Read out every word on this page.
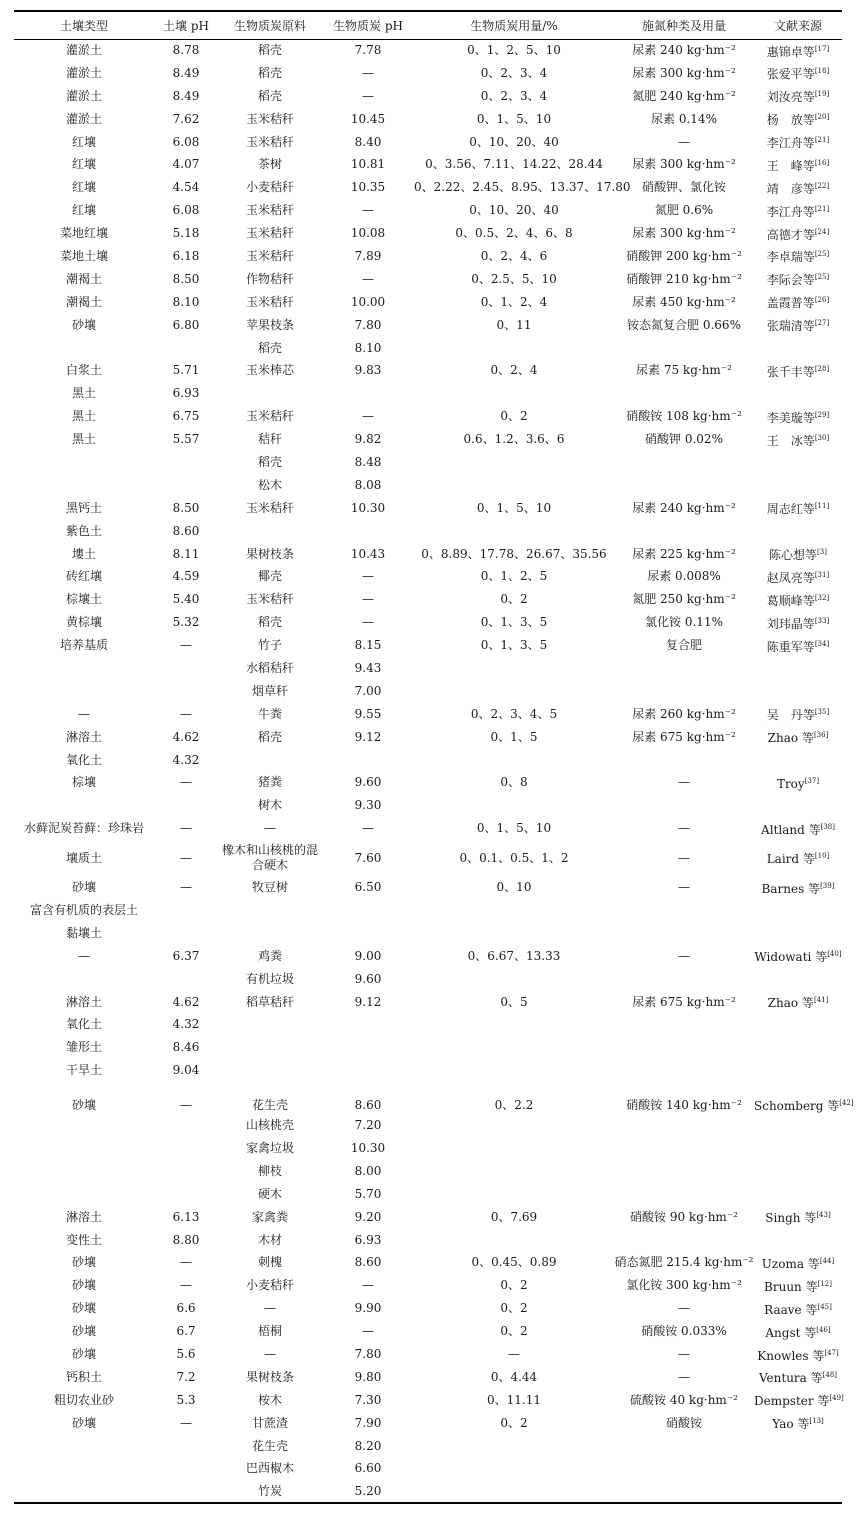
土壤类型	土壤 pH	生物质炭原料	生物质炭 pH	生物质炭用量/%	施氮种类及用量	文献来源
灌淤土	8.78	稻壳	7.78	0、1、2、5、10	尿素 240 kg·hm⁻²	惠锦卓等[17]
灌淤土	8.49	稻壳	—	0、2、3、4	尿素 300 kg·hm⁻²	张爱平等[18]
灌淤土	8.49	稻壳	—	0、2、3、4	氮肥 240 kg·hm⁻²	刘汝亮等[19]
灌淤土	7.62	玉米秸秆	10.45	0、1、5、10	尿素 0.14%	杨　放等[20]
红壤	6.08	玉米秸秆	8.40	0、10、20、40	—	李江舟等[21]
红壤	4.07	茶树	10.81	0、3.56、7.11、14.22、28.44	尿素 300 kg·hm⁻²	王　峰等[16]
红壤	4.54	小麦秸秆	10.35	0、2.22、2.45、8.95、13.37、17.80	硝酸钾、氯化铵	靖　彦等[22]
红壤	6.08	玉米秸秆	—	0、10、20、40	氮肥 0.6%	李江舟等[21]
菜地红壤	5.18	玉米秸秆	10.08	0、0.5、2、4、6、8	尿素 300 kg·hm⁻²	高德才等[24]
菜地土壤	6.18	玉米秸秆	7.89	0、2、4、6	硝酸钾 200 kg·hm⁻²	李卓瑞等[25]
潮褐土	8.50	作物秸秆	—	0、2.5、5、10	硝酸钾 210 kg·hm⁻²	李际会等[25]
潮褐土	8.10	玉米秸秆	10.00	0、1、2、4	尿素 450 kg·hm⁻²	盖霞普等[26]
砂壤	6.80	苹果枝条	7.80	0、11	铵态氮复合肥 0.66%	张瑞清等[27]
		稻壳	8.10			
白浆土	5.71	玉米棒芯	9.83	0、2、4	尿素 75 kg·hm⁻²	张千丰等[28]
黑土	6.93					
黑土	6.75	玉米秸秆	—	0、2	硝酸铵 108 kg·hm⁻²	李美璇等[29]
黑土	5.57	秸秆	9.82	0.6、1.2、3.6、6	硝酸钾 0.02%	王　冰等[30]
		稻壳	8.48			
		松木	8.08			
黑钙土	8.50	玉米秸秆	10.30	0、1、5、10	尿素 240 kg·hm⁻²	周志红等[11]
紫色土	8.60					
塿土	8.11	果树枝条	10.43	0、8.89、17.78、26.67、35.56	尿素 225 kg·hm⁻²	陈心想等[3]
砖红壤	4.59	椰壳	—	0、1、2、5	尿素 0.008%	赵凤亮等[31]
棕壤土	5.40	玉米秸秆	—	0、2	氮肥 250 kg·hm⁻²	葛顺峰等[32]
黄棕壤	5.32	稻壳	—	0、1、3、5	氯化铵 0.11%	刘玮晶等[33]
培养基质	—	竹子	8.15	0、1、3、5	复合肥	陈重军等[34]
		水稻秸秆	9.43			
		烟草秆	7.00			
—	—	牛粪	9.55	0、2、3、4、5	尿素 260 kg·hm⁻²	吴　丹等[35]
淋溶土	4.62	稻壳	9.12	0、1、5	尿素 675 kg·hm⁻²	Zhao 等[36]
氧化土	4.32					
棕壤	—	猪粪	9.60	0、8	—	Troy[37]
		树木	9.30			
水藓泥炭苔藓：珍珠岩	—	—	—	0、1、5、10	—	Altland 等[38]
壤质土	—	橡木和山核桃的混合硬木	7.60	0、0.1、0.5、1、2	—	Laird 等[10]
砂壤	—	牧豆树	6.50	0、10	—	Barnes 等[39]
富含有机质的表层土						
黏壤土						
—	6.37	鸡粪	9.00	0、6.67、13.33	—	Widowati 等[40]
		有机垃圾	9.60			
淋溶土	4.62	稻草秸秆	9.12	0、5	尿素 675 kg·hm⁻²	Zhao 等[41]
氧化土	4.32					
雏形土	8.46					
干旱土	9.04					
砂壤	—	花生壳	8.60	0、2.2	硝酸铵 140 kg·hm⁻²	Schomberg 等[42]
		山核桃壳	7.20			
		家禽垃圾	10.30			
		柳枝	8.00			
		硬木	5.70			
淋溶土	6.13	家禽粪	9.20	0、7.69	硝酸铵 90 kg·hm⁻²	Singh 等[43]
变性土	8.80	木材	6.93			
砂壤	—	刺槐	8.60	0、0.45、0.89	硝态氮肥 215.4 kg·hm⁻²	Uzoma 等[44]
砂壤	—	小麦秸秆	—	0、2	氯化铵 300 kg·hm⁻²	Bruun 等[12]
砂壤	6.6	—	9.90	0、2	—	Raave 等[45]
砂壤	6.7	梧桐	—	0、2	硝酸铵 0.033%	Angst 等[46]
砂壤	5.6	—	7.80	—	—	Knowles 等[47]
钙积土	7.2	果树枝条	9.80	0、4.44	—	Ventura 等[48]
粗切农业砂	5.3	桉木	7.30	0、11.11	硫酸铵 40 kg·hm⁻²	Dempster 等[49]
砂壤	—	甘蔗渣	7.90	0、2	硝酸铵	Yao 等[13]
		花生壳	8.20			
		巴西椒木	6.60			
		竹炭	5.20			
